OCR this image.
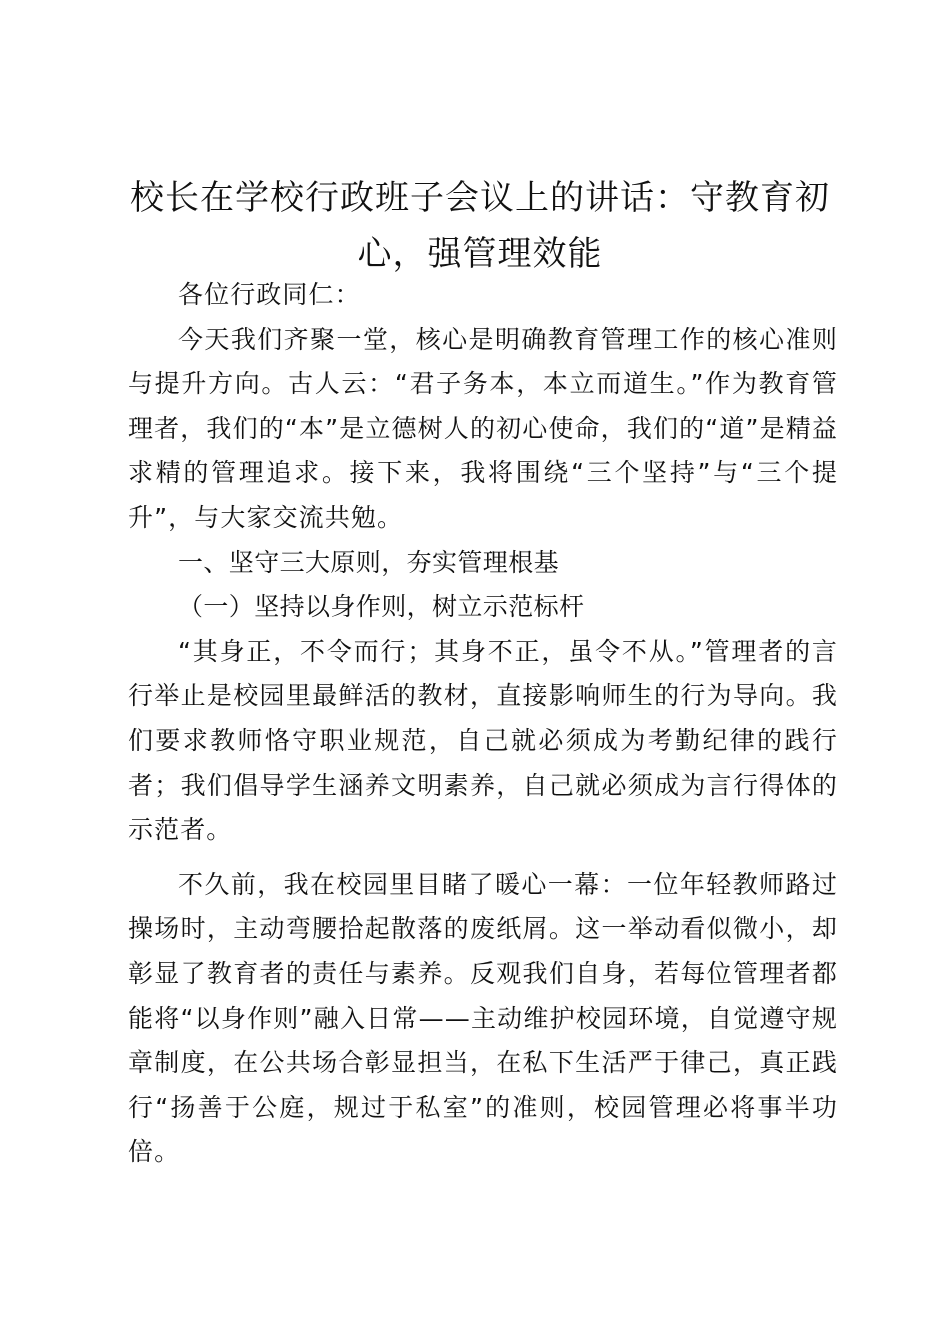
校长在学校行政班子会议上的讲话：守教育初心，强管理效能

各位行政同仁：

今天我们齐聚一堂，核心是明确教育管理工作的核心准则与提升方向。古人云：“君子务本，本立而道生。”作为教育管理者，我们的“本”是立德树人的初心使命，我们的“道”是精益求精的管理追求。接下来，我将围绕“三个坚持”与“三个提升”，与大家交流共勉。

一、坚守三大原则，夯实管理根基

（一）坚持以身作则，树立示范标杆

“其身正，不令而行；其身不正，虽令不从。”管理者的言行举止是校园里最鲜活的教材，直接影响师生的行为导向。我们要求教师恪守职业规范，自己就必须成为考勤纪律的践行者；我们倡导学生涵养文明素养，自己就必须成为言行得体的示范者。

不久前，我在校园里目睹了暖心一幕：一位年轻教师路过操场时，主动弯腰拾起散落的废纸屑。这一举动看似微小，却彰显了教育者的责任与素养。反观我们自身，若每位管理者都能将“以身作则”融入日常——主动维护校园环境，自觉遵守规章制度，在公共场合彰显担当，在私下生活严于律己，真正践行“扬善于公庭，规过于私室”的准则，校园管理必将事半功倍。
